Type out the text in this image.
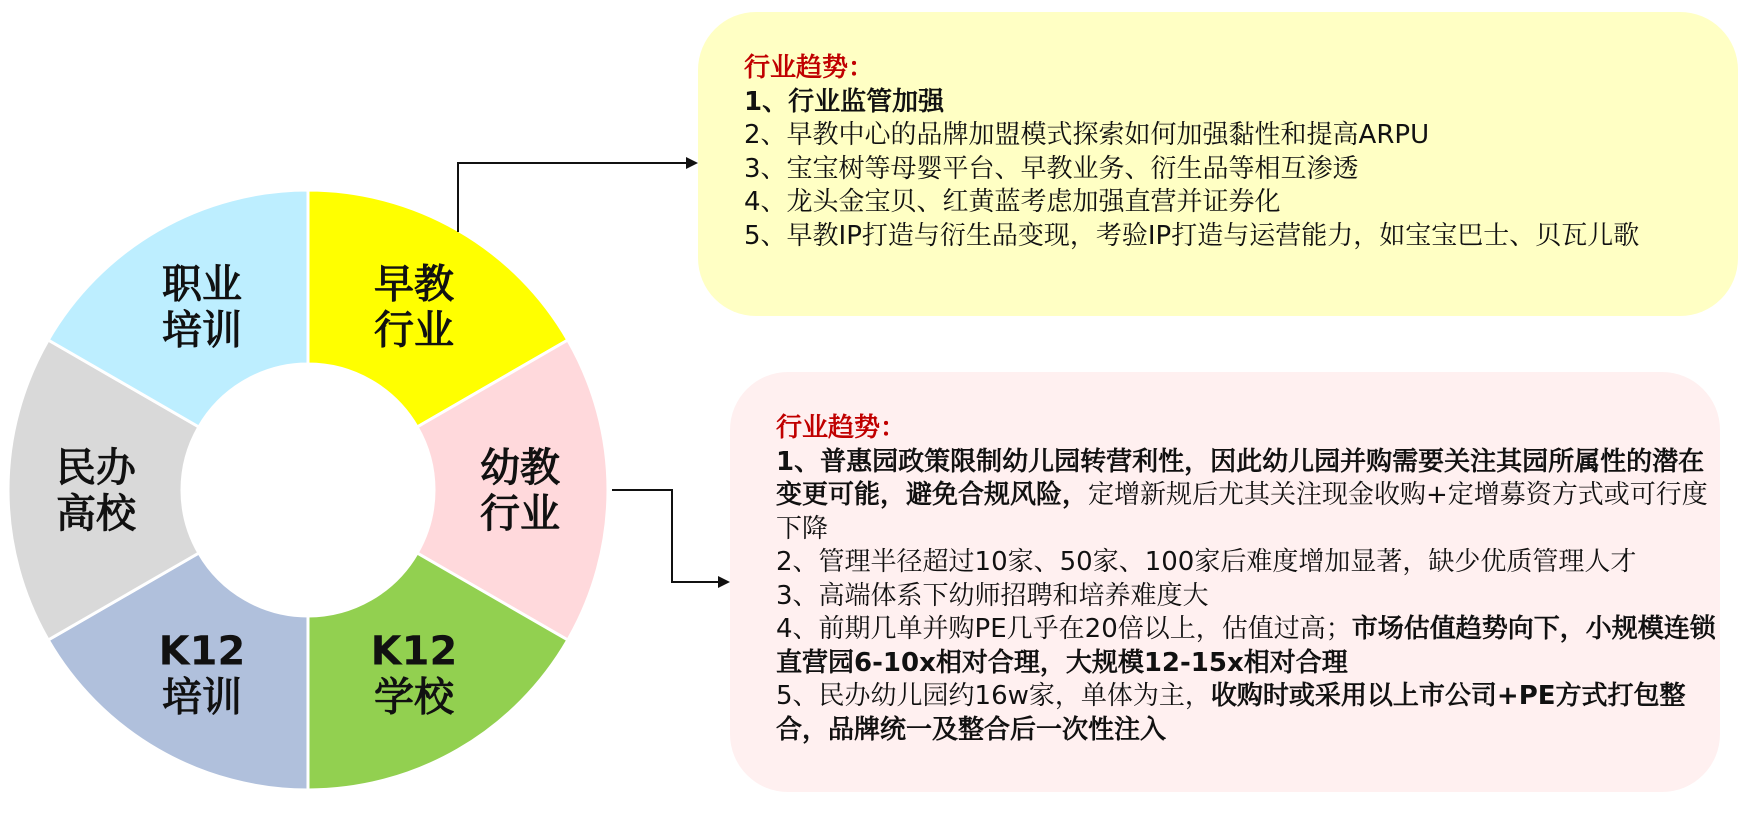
早教行业
幼教行业
K12 学校
K12 培训
民办高校
职业培训
行业趋势：
1、行业监管加强
2、早教中心的品牌加盟模式探索如何加强黏性和提高ARPU
3、宝宝树等母婴平台、早教业务、衍生品等相互渗透
4、龙头金宝贝、红黄蓝考虑加强直营并证券化
5、早教IP打造与衍生品变现，考验IP打造与运营能力，如宝宝巴士、贝瓦儿歌
行业趋势：
1、普惠园政策限制幼儿园转营利性，因此幼儿园并购需要关注其园所属性的潜在变更可能，避免合规风险，定增新规后尤其关注现金收购+定增募资方式或可行度下降
2、管理半径超过10家、50家、100家后难度增加显著，缺少优质管理人才
3、高端体系下幼师招聘和培养难度大
4、前期几单并购PE几乎在20倍以上，估值过高；市场估值趋势向下，小规模连锁直营园6-10x相对合理，大规模12-15x相对合理
5、民办幼儿园约16w家，单体为主，收购时或采用以上市公司+PE方式打包整合，品牌统一及整合后一次性注入
